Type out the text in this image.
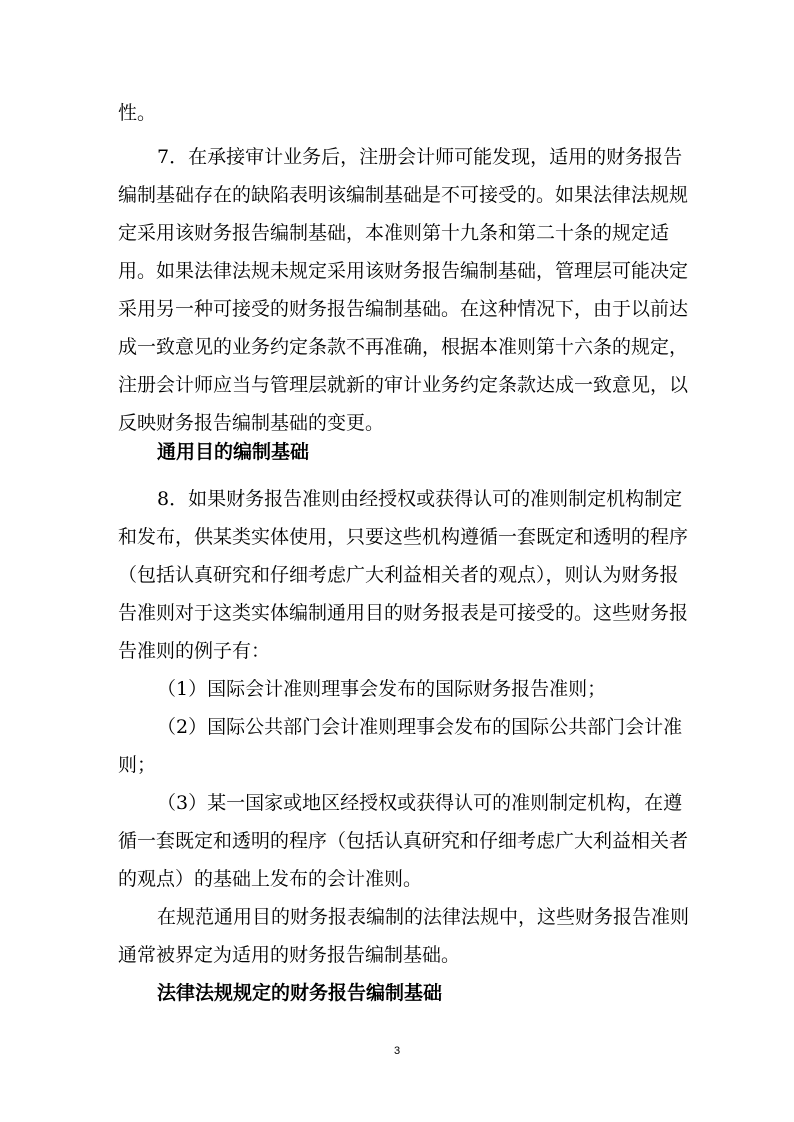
性。

7．在承接审计业务后，注册会计师可能发现，适用的财务报告

编制基础存在的缺陷表明该编制基础是不可接受的。如果法律法规规

定采用该财务报告编制基础，本准则第十九条和第二十条的规定适

用。如果法律法规未规定采用该财务报告编制基础，管理层可能决定

采用另一种可接受的财务报告编制基础。在这种情况下，由于以前达

成一致意见的业务约定条款不再准确，根据本准则第十六条的规定，

注册会计师应当与管理层就新的审计业务约定条款达成一致意见，以

反映财务报告编制基础的变更。

通用目的编制基础

8．如果财务报告准则由经授权或获得认可的准则制定机构制定

和发布，供某类实体使用，只要这些机构遵循一套既定和透明的程序

（包括认真研究和仔细考虑广大利益相关者的观点），则认为财务报

告准则对于这类实体编制通用目的财务报表是可接受的。这些财务报

告准则的例子有：

（1）国际会计准则理事会发布的国际财务报告准则；

（2）国际公共部门会计准则理事会发布的国际公共部门会计准

则；

（3）某一国家或地区经授权或获得认可的准则制定机构，在遵

循一套既定和透明的程序（包括认真研究和仔细考虑广大利益相关者

的观点）的基础上发布的会计准则。

在规范通用目的财务报表编制的法律法规中，这些财务报告准则

通常被界定为适用的财务报告编制基础。

法律法规规定的财务报告编制基础

3
